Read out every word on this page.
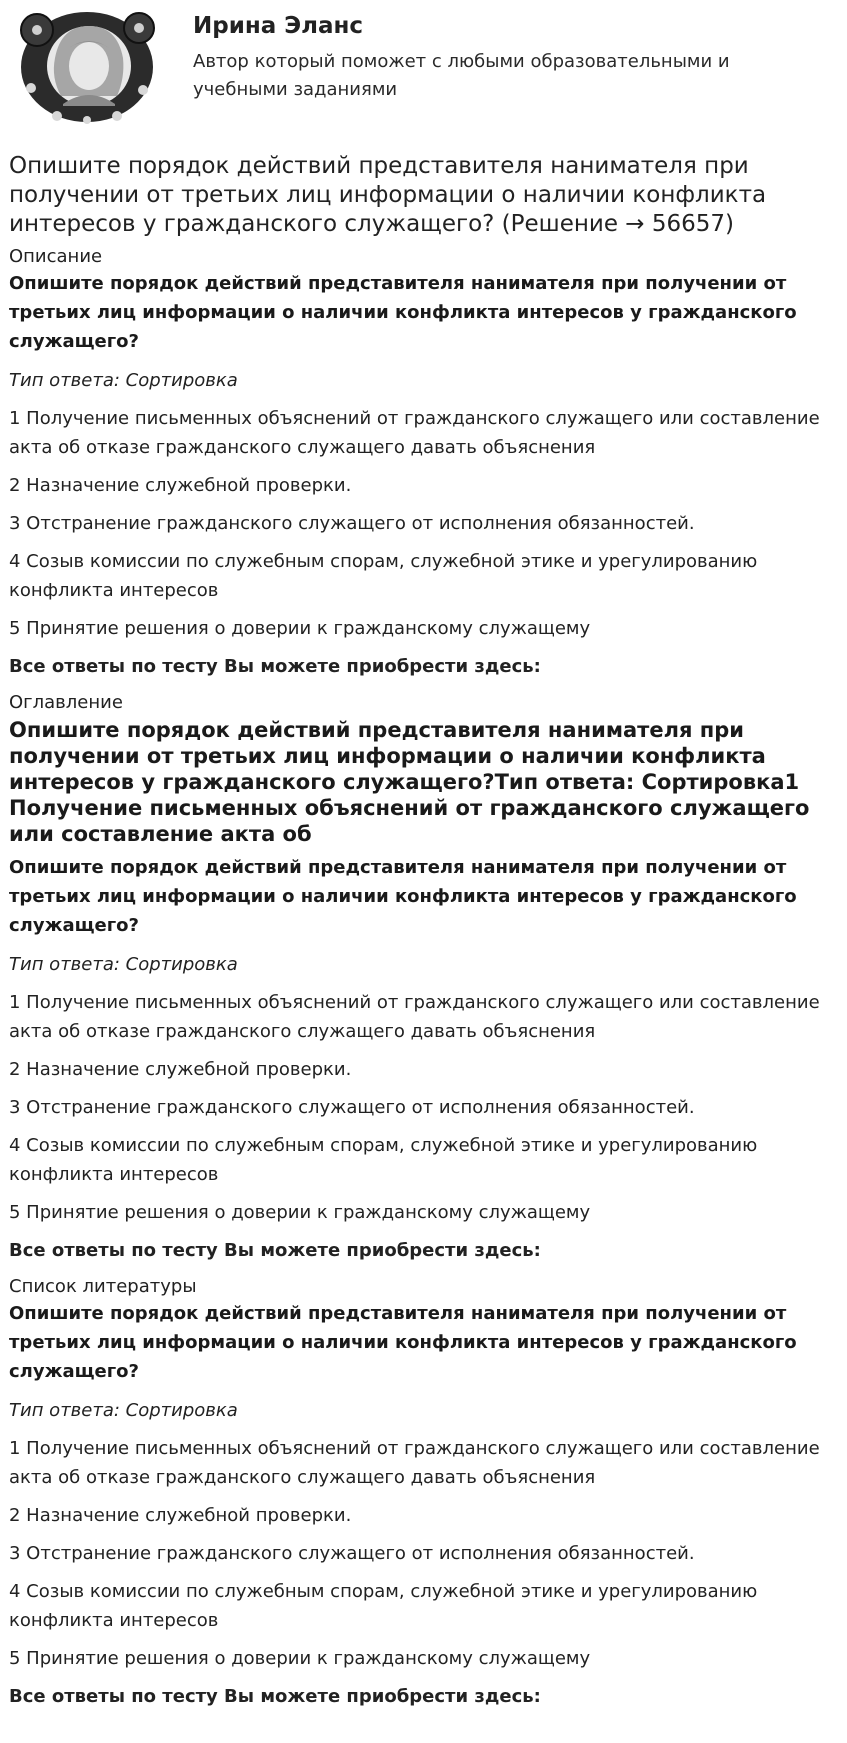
Ирина Эланс

Автор который поможет с любыми образовательными и учебными заданиями

Опишите порядок действий представителя нанимателя при получении от третьих лиц информации о наличии конфликта интересов у гражданского служащего? (Решение → 56657)
Описание

Опишите порядок действий представителя нанимателя при получении от третьих лиц информации о наличии конфликта интересов у гражданского служащего?

Тип ответа: Сортировка

1 Получение письменных объяснений от гражданского служащего или составление акта об отказе гражданского служащего давать объяснения

2 Назначение служебной проверки.

3 Отстранение гражданского служащего от исполнения обязанностей.

4 Созыв комиссии по служебным спорам, служебной этике и урегулированию конфликта интересов

5 Принятие решения о доверии к гражданскому служащему

Все ответы по тесту Вы можете приобрести здесь:

Оглавление
Опишите порядок действий представителя нанимателя при получении от третьих лиц информации о наличии конфликта интересов у гражданского служащего?Тип ответа: Сортировка1 Получение письменных объяснений от гражданского служащего или составление акта об

Опишите порядок действий представителя нанимателя при получении от третьих лиц информации о наличии конфликта интересов у гражданского служащего?

Тип ответа: Сортировка

1 Получение письменных объяснений от гражданского служащего или составление акта об отказе гражданского служащего давать объяснения

2 Назначение служебной проверки.

3 Отстранение гражданского служащего от исполнения обязанностей.

4 Созыв комиссии по служебным спорам, служебной этике и урегулированию конфликта интересов

5 Принятие решения о доверии к гражданскому служащему

Все ответы по тесту Вы можете приобрести здесь:

Список литературы

Опишите порядок действий представителя нанимателя при получении от третьих лиц информации о наличии конфликта интересов у гражданского служащего?

Тип ответа: Сортировка

1 Получение письменных объяснений от гражданского служащего или составление акта об отказе гражданского служащего давать объяснения

2 Назначение служебной проверки.

3 Отстранение гражданского служащего от исполнения обязанностей.

4 Созыв комиссии по служебным спорам, служебной этике и урегулированию конфликта интересов

5 Принятие решения о доверии к гражданскому служащему

Все ответы по тесту Вы можете приобрести здесь:
